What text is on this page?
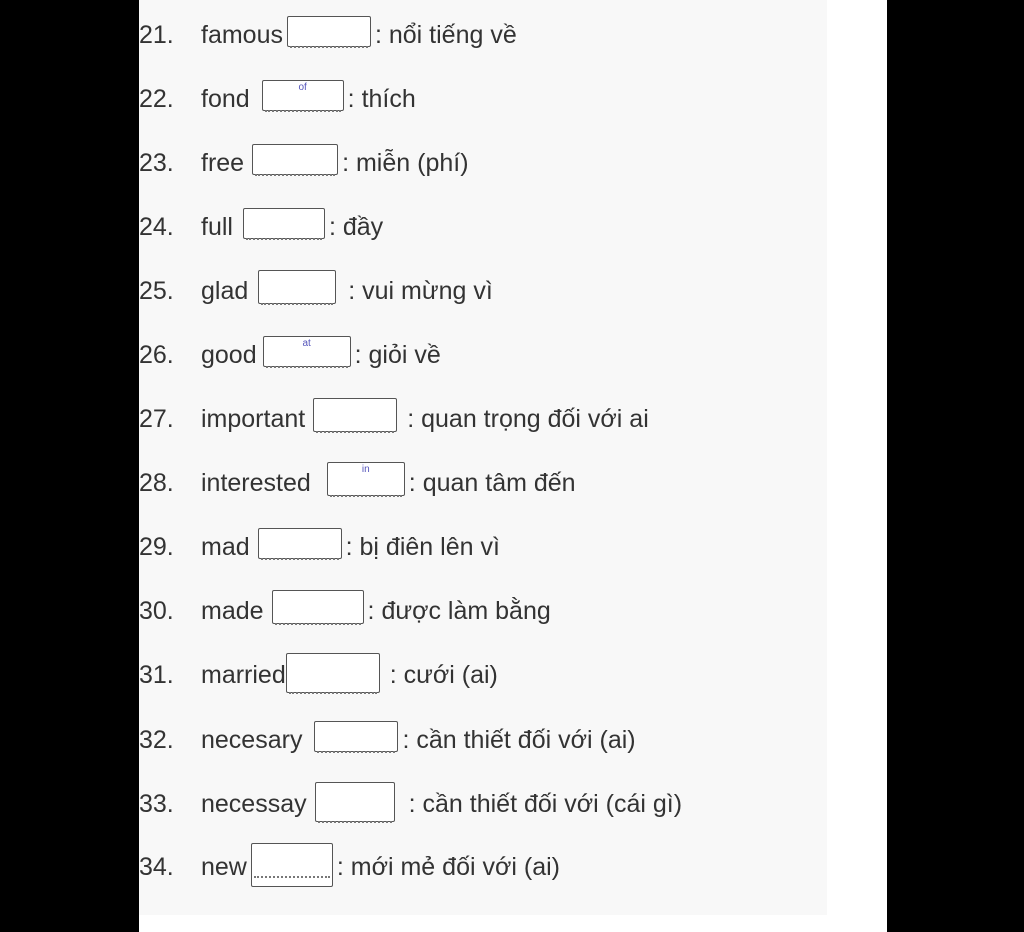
21.	famous	: nổi tiếng về
22.	fond	of	: thích
23.	free	: miễn (phí)
24.	full	: đầy
25.	glad	: vui mừng vì
26.	good	at	: giỏi về
27.	important	: quan trọng đối với ai
28.	interested	in	: quan tâm đến
29.	mad	: bị điên lên vì
30.	made	: được làm bằng
31.	married	: cưới (ai)
32.	necesary	: cần thiết đối với (ai)
33.	necessay	: cần thiết đối với (cái gì)
34.	new	: mới mẻ đối với (ai)
